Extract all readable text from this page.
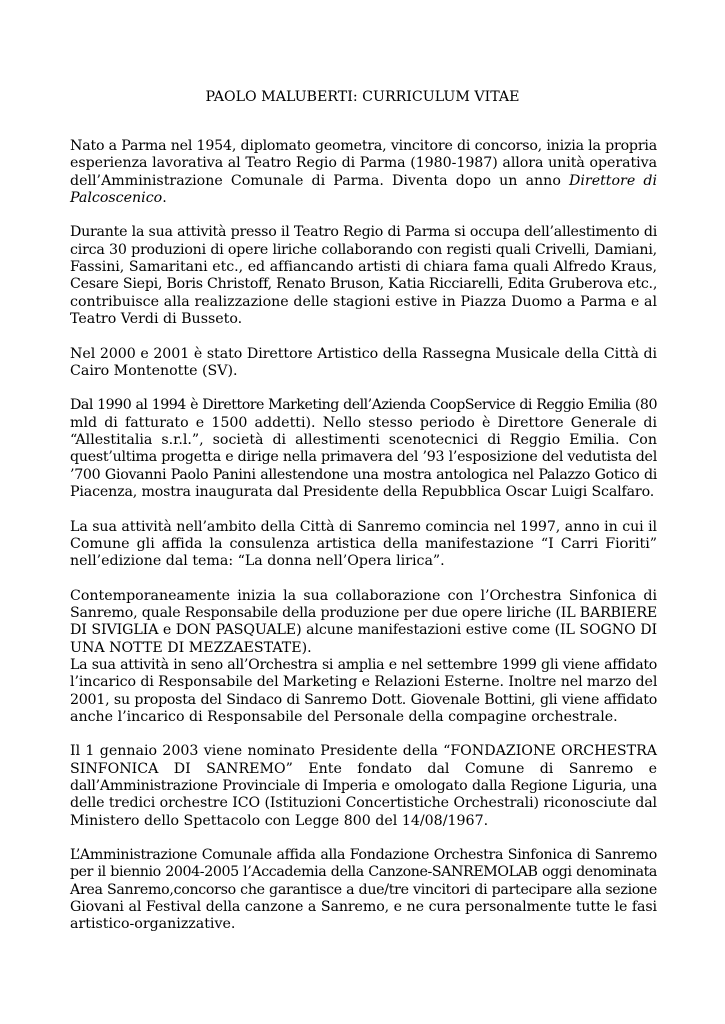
PAOLO MALUBERTI: CURRICULUM VITAE
Nato a Parma nel 1954, diplomato geometra, vincitore di concorso, inizia la propria
esperienza lavorativa al Teatro Regio di Parma (1980-1987) allora unità operativa
dell’Amministrazione Comunale di Parma. Diventa dopo un anno Direttore di
Palcoscenico.
Durante la sua attività presso il Teatro Regio di Parma si occupa dell’allestimento di
circa 30 produzioni di opere liriche collaborando con registi quali Crivelli, Damiani,
Fassini, Samaritani etc., ed affiancando artisti di chiara fama quali Alfredo Kraus,
Cesare Siepi, Boris Christoff, Renato Bruson, Katia Ricciarelli, Edita Gruberova etc.,
contribuisce alla realizzazione delle stagioni estive in Piazza Duomo a Parma e al
Teatro Verdi di Busseto.
Nel 2000 e 2001 è stato Direttore Artistico della Rassegna Musicale della Città di
Cairo Montenotte (SV).
Dal 1990 al 1994 è Direttore Marketing dell’Azienda CoopService di Reggio Emilia (80
mld di fatturato e 1500 addetti). Nello stesso periodo è Direttore Generale di
“Allestitalia s.r.l.”, società di allestimenti scenotecnici di Reggio Emilia. Con
quest’ultima progetta e dirige nella primavera del ’93 l’esposizione del vedutista del
’700 Giovanni Paolo Panini allestendone una mostra antologica nel Palazzo Gotico di
Piacenza, mostra inaugurata dal Presidente della Repubblica Oscar Luigi Scalfaro.
La sua attività nell’ambito della Città di Sanremo comincia nel 1997, anno in cui il
Comune gli affida la consulenza artistica della manifestazione “I Carri Fioriti”
nell’edizione dal tema: “La donna nell’Opera lirica”.
Contemporaneamente inizia la sua collaborazione con l’Orchestra Sinfonica di
Sanremo, quale Responsabile della produzione per due opere liriche (IL BARBIERE
DI SIVIGLIA e DON PASQUALE) alcune manifestazioni estive come (IL SOGNO DI
UNA NOTTE DI MEZZAESTATE).
La sua attività in seno all’Orchestra si amplia e nel settembre 1999 gli viene affidato
l’incarico di Responsabile del Marketing e Relazioni Esterne. Inoltre nel marzo del
2001, su proposta del Sindaco di Sanremo Dott. Giovenale Bottini, gli viene affidato
anche l’incarico di Responsabile del Personale della compagine orchestrale.
Il 1 gennaio 2003 viene nominato Presidente della “FONDAZIONE ORCHESTRA
SINFONICA DI SANREMO” Ente fondato dal Comune di Sanremo e
dall’Amministrazione Provinciale di Imperia e omologato dalla Regione Liguria, una
delle tredici orchestre ICO (Istituzioni Concertistiche Orchestrali) riconosciute dal
Ministero dello Spettacolo con Legge 800 del 14/08/1967.
L’Amministrazione Comunale affida alla Fondazione Orchestra Sinfonica di Sanremo
per il biennio 2004-2005 l’Accademia della Canzone-SANREMOLAB oggi denominata
Area Sanremo,concorso che garantisce a due/tre vincitori di partecipare alla sezione
Giovani al Festival della canzone a Sanremo, e ne cura personalmente tutte le fasi
artistico-organizzative.
